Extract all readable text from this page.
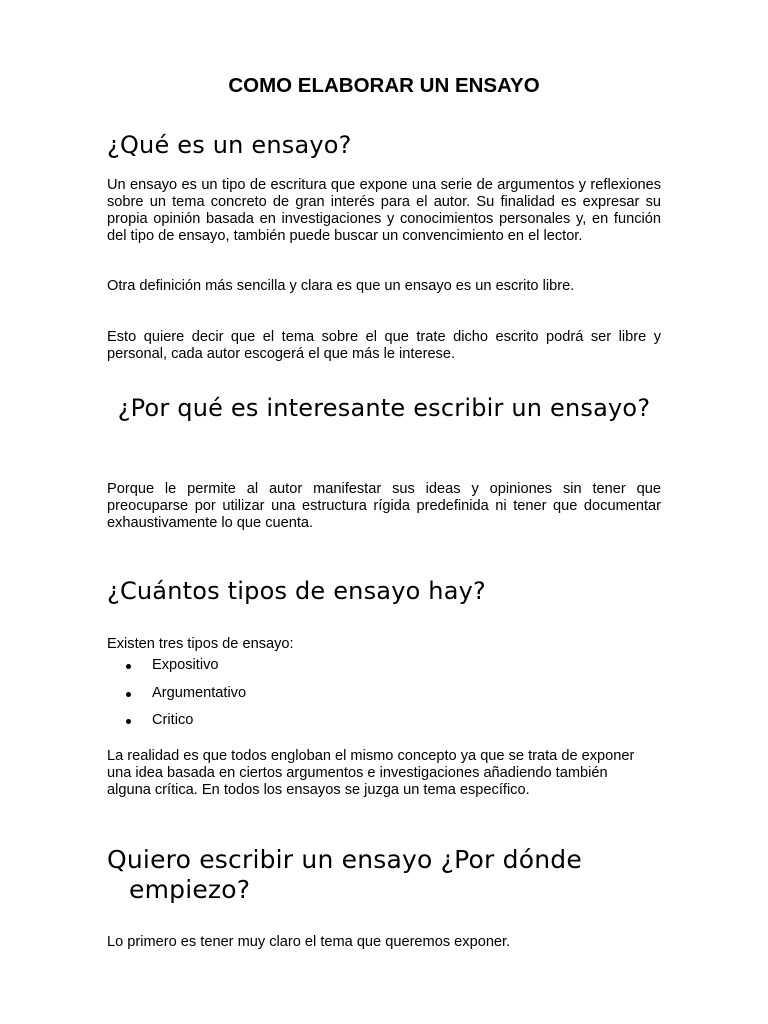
COMO ELABORAR UN ENSAYO
¿Qué es un ensayo?

Un ensayo es un tipo de escritura que expone una serie de argumentos y reflexiones sobre un tema concreto de gran interés para el autor. Su finalidad es expresar su propia opinión basada en investigaciones y conocimientos personales y, en función del tipo de ensayo, también puede buscar un convencimiento en el lector.

Otra definición más sencilla y clara es que un ensayo es un escrito libre.

Esto quiere decir que el tema sobre el que trate dicho escrito podrá ser libre y personal, cada autor escogerá el que más le interese.

¿Por qué es interesante escribir un ensayo?

Porque le permite al autor manifestar sus ideas y opiniones sin tener que preocuparse por utilizar una estructura rígida predefinida ni tener que documentar exhaustivamente lo que cuenta.

¿Cuántos tipos de ensayo hay?

Existen tres tipos de ensayo:

Expositivo
Argumentativo
Critico

La realidad es que todos engloban el mismo concepto ya que se trata de exponer una idea basada en ciertos argumentos e investigaciones añadiendo también alguna crítica. En todos los ensayos se juzga un tema específico.

Quiero escribir un ensayo ¿Por dónde empiezo?

Lo primero es tener muy claro el tema que queremos exponer.
